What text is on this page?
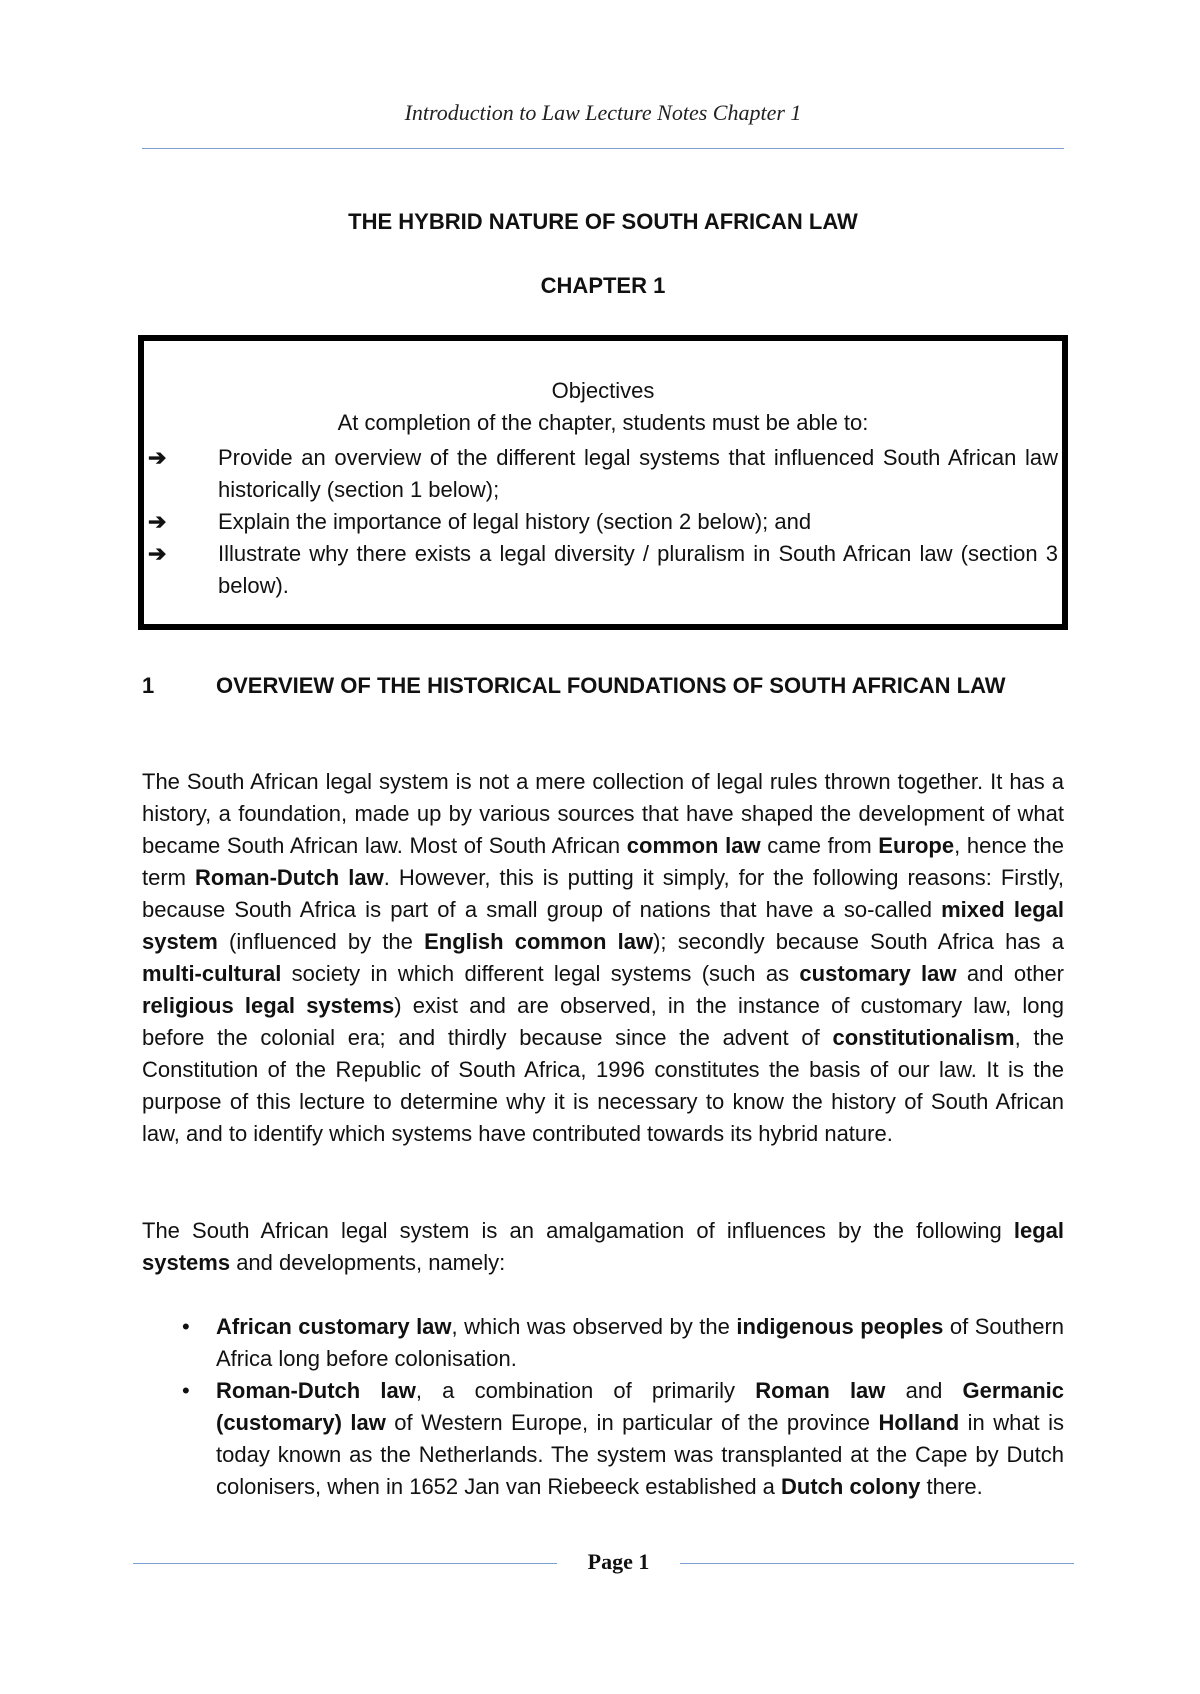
Introduction to Law Lecture Notes Chapter 1
THE HYBRID NATURE OF SOUTH AFRICAN LAW
CHAPTER 1
Objectives
At completion of the chapter, students must be able to:
➔ Provide an overview of the different legal systems that influenced South African law historically (section 1 below);
➔ Explain the importance of legal history (section 2 below); and
➔ Illustrate why there exists a legal diversity / pluralism in South African law (section 3 below).
1	OVERVIEW OF THE HISTORICAL FOUNDATIONS OF SOUTH AFRICAN LAW

The South African legal system is not a mere collection of legal rules thrown together. It has a history, a foundation, made up by various sources that have shaped the development of what became South African law. Most of South African common law came from Europe, hence the term Roman-Dutch law. However, this is putting it simply, for the following reasons: Firstly, because South Africa is part of a small group of nations that have a so-called mixed legal system (influenced by the English common law); secondly because South Africa has a multi-cultural society in which different legal systems (such as customary law and other religious legal systems) exist and are observed, in the instance of customary law, long before the colonial era; and thirdly because since the advent of constitutionalism, the Constitution of the Republic of South Africa, 1996 constitutes the basis of our law. It is the purpose of this lecture to determine why it is necessary to know the history of South African law, and to identify which systems have contributed towards its hybrid nature.

The South African legal system is an amalgamation of influences by the following legal systems and developments, namely:

• African customary law, which was observed by the indigenous peoples of Southern Africa long before colonisation.
• Roman-Dutch law, a combination of primarily Roman law and Germanic (customary) law of Western Europe, in particular of the province Holland in what is today known as the Netherlands. The system was transplanted at the Cape by Dutch colonisers, when in 1652 Jan van Riebeeck established a Dutch colony there.
Page 1
